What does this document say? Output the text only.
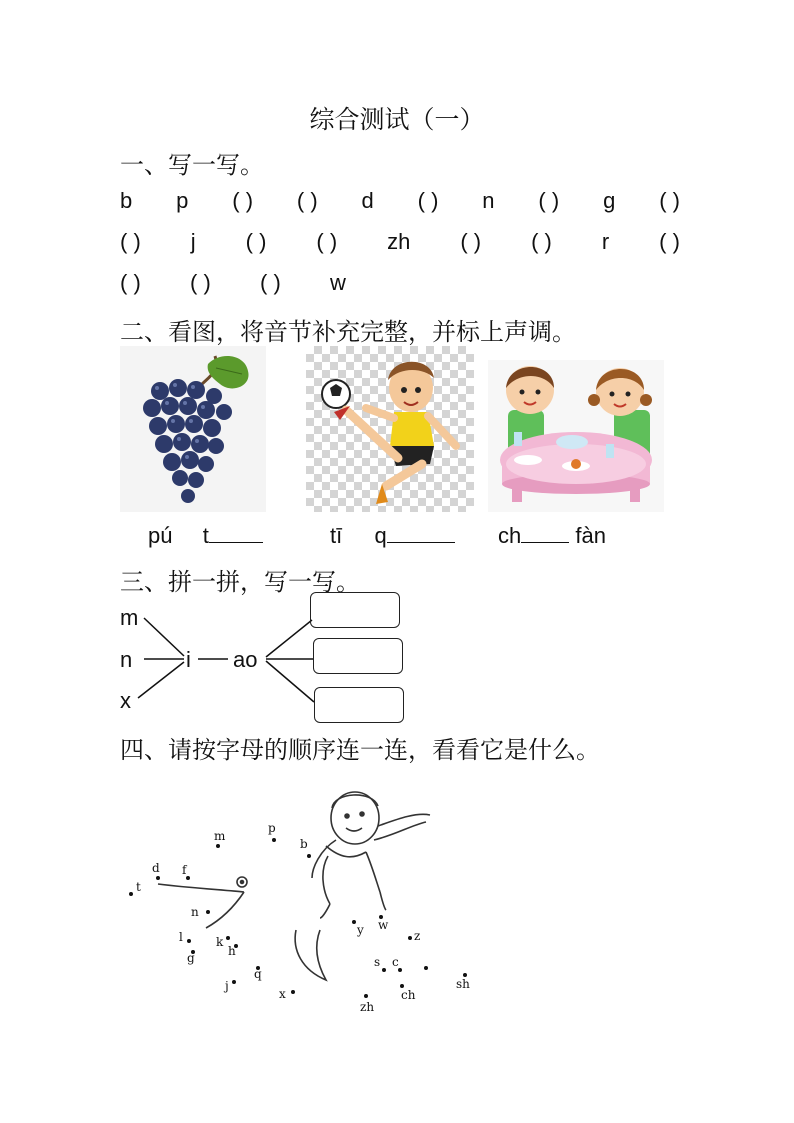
综合测试（一）
一、写一写。
b p ( ) ( ) d ( ) n ( ) g ( )
( ) j ( ) ( ) zh ( ) ( ) r ( )
( )	( )	( )	w
二、看图，将音节补充完整，并标上声调。
pú t	tī q	ch fàn
三、拼一拼，写一写。
m
n
x
i ao
四、请按字母的顺序连一连，看看它是什么。
m
p
b
d f
t
n
l	k
h
g
j
q
x
y w
z
s c
ch
zh
sh
